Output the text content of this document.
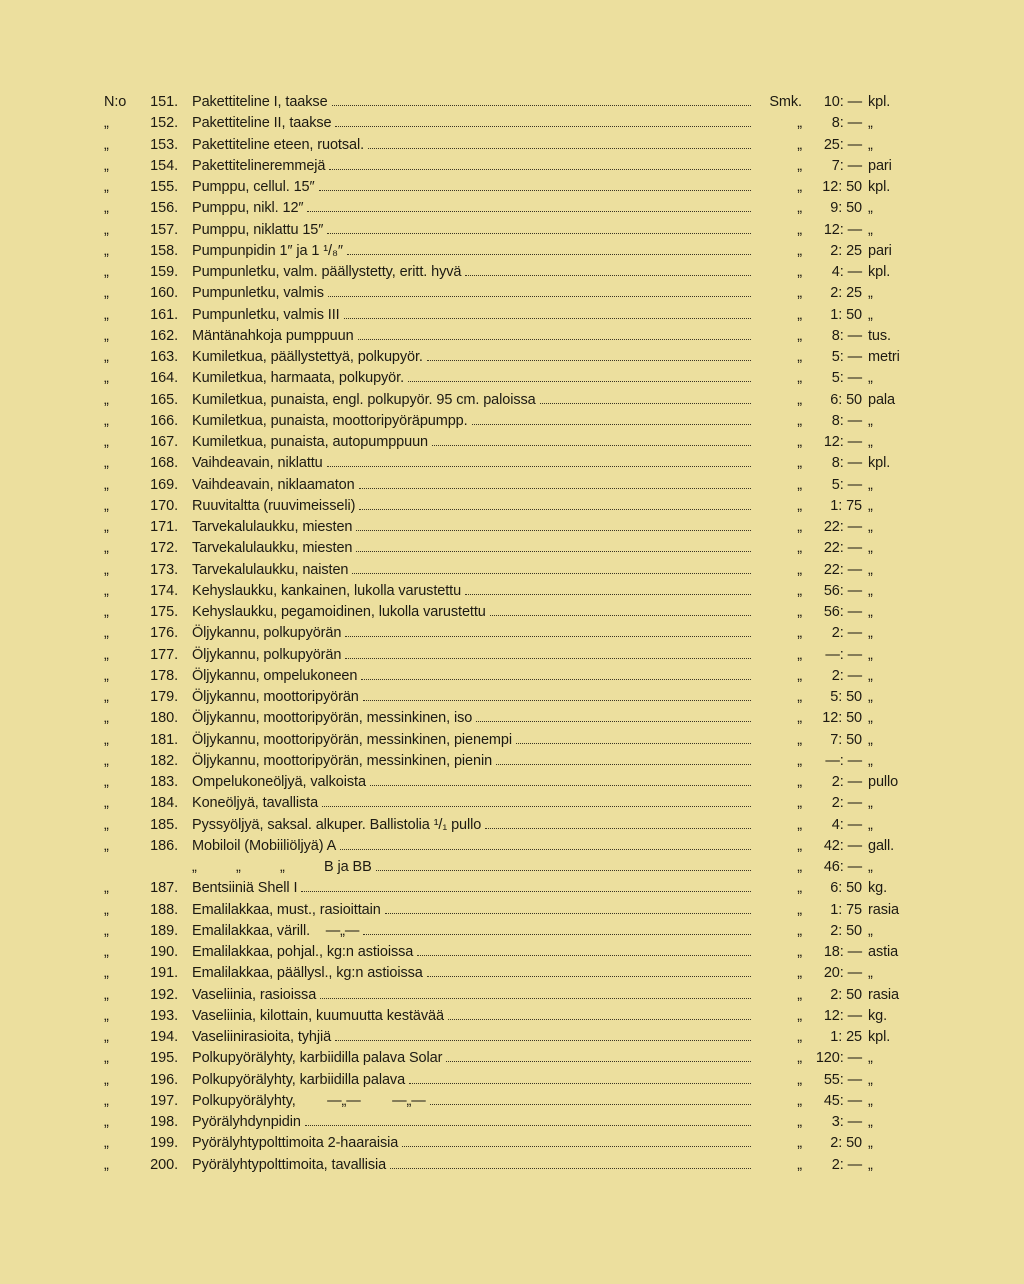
N:o	151. Pakettiteline I, taakse	Smk.	10: — kpl.
„	152. Pakettiteline II, taakse	„	8: — „
„	153. Pakettiteline eteen, ruotsal.	„	25: — „
„	154. Pakettitelineremmejä	„	7: — pari
„	155. Pumppu, cellul. 15″	„	12: 50 kpl.
„	156. Pumppu, nikl. 12″	„	9: 50 „
„	157. Pumppu, niklattu 15″	„	12: — „
„	158. Pumpunpidin 1″ ja 1 ¹/₈″	„	2: 25 pari
„	159. Pumpunletku, valm. päällystetty, eritt. hyvä	„	4: — kpl.
„	160. Pumpunletku, valmis	„	2: 25 „
„	161. Pumpunletku, valmis III	„	1: 50 „
„	162. Mäntänahkoja pumppuun	„	8: — tus.
„	163. Kumiletkua, päällystettyä, polkupyör.	„	5: — metri
„	164. Kumiletkua, harmaata, polkupyör.	„	5: — „
„	165. Kumiletkua, punaista, engl. polkupyör. 95 cm. paloissa	„	6: 50 pala
„	166. Kumiletkua, punaista, moottoripyöräpumpp.	„	8: — „
„	167. Kumiletkua, punaista, autopumppuun	„	12: — „
„	168. Vaihdeavain, niklattu	„	8: — kpl.
„	169. Vaihdeavain, niklaamaton	„	5: — „
„	170. Ruuvitaltta (ruuvimeisseli)	„	1: 75 „
„	171. Tarvekalulaukku, miesten	„	22: — „
„	172. Tarvekalulaukku, miesten	„	22: — „
„	173. Tarvekalulaukku, naisten	„	22: — „
„	174. Kehyslaukku, kankainen, lukolla varustettu	„	56: — „
„	175. Kehyslaukku, pegamoidinen, lukolla varustettu	„	56: — „
„	176. Öljykannu, polkupyörän	„	2: — „
„	177. Öljykannu, polkupyörän	„	—: — „
„	178. Öljykannu, ompelukoneen	„	2: — „
„	179. Öljykannu, moottoripyörän	„	5: 50 „
„	180. Öljykannu, moottoripyörän, messinkinen, iso	„	12: 50 „
„	181. Öljykannu, moottoripyörän, messinkinen, pienempi	„	7: 50 „
„	182. Öljykannu, moottoripyörän, messinkinen, pienin	„	—: — „
„	183. Ompelukoneöljyä, valkoista	„	2: — pullo
„	184. Koneöljyä, tavallista	„	2: — „
„	185. Pyssyöljyä, saksal. alkuper. Ballistolia ¹/₁ pullo	„	4: — „
„	186. Mobiloil (Mobiiliöljyä) A	„	42: — gall.
„          „          „          B ja BB	„	46: — „
„	187. Bentsiiniä Shell I	„	6: 50 kg.
„	188. Emalilakkaa, must., rasioittain	„	1: 75 rasia
„	189. Emalilakkaa, värill.    —„—	„	2: 50 „
„	190. Emalilakkaa, pohjal., kg:n astioissa	„	18: — astia
„	191. Emalilakkaa, päällysl., kg:n astioissa	„	20: — „
„	192. Vaseliinia, rasioissa	„	2: 50 rasia
„	193. Vaseliinia, kilottain, kuumuutta kestävää	„	12: — kg.
„	194. Vaseliinirasioita, tyhjiä	„	1: 25 kpl.
„	195. Polkupyörälyhty, karbiidilla palava Solar	„ 120: — „
„	196. Polkupyörälyhty, karbiidilla palava	„	55: — „
„	197. Polkupyörälyhty,        —„—        —„—	„	45: — „
„	198. Pyörälyhdynpidin	„	3: — „
„	199. Pyörälyhtypolttimoita 2-haaraisia	„	2: 50 „
„	200. Pyörälyhtypolttimoita, tavallisia	„	2: — „
